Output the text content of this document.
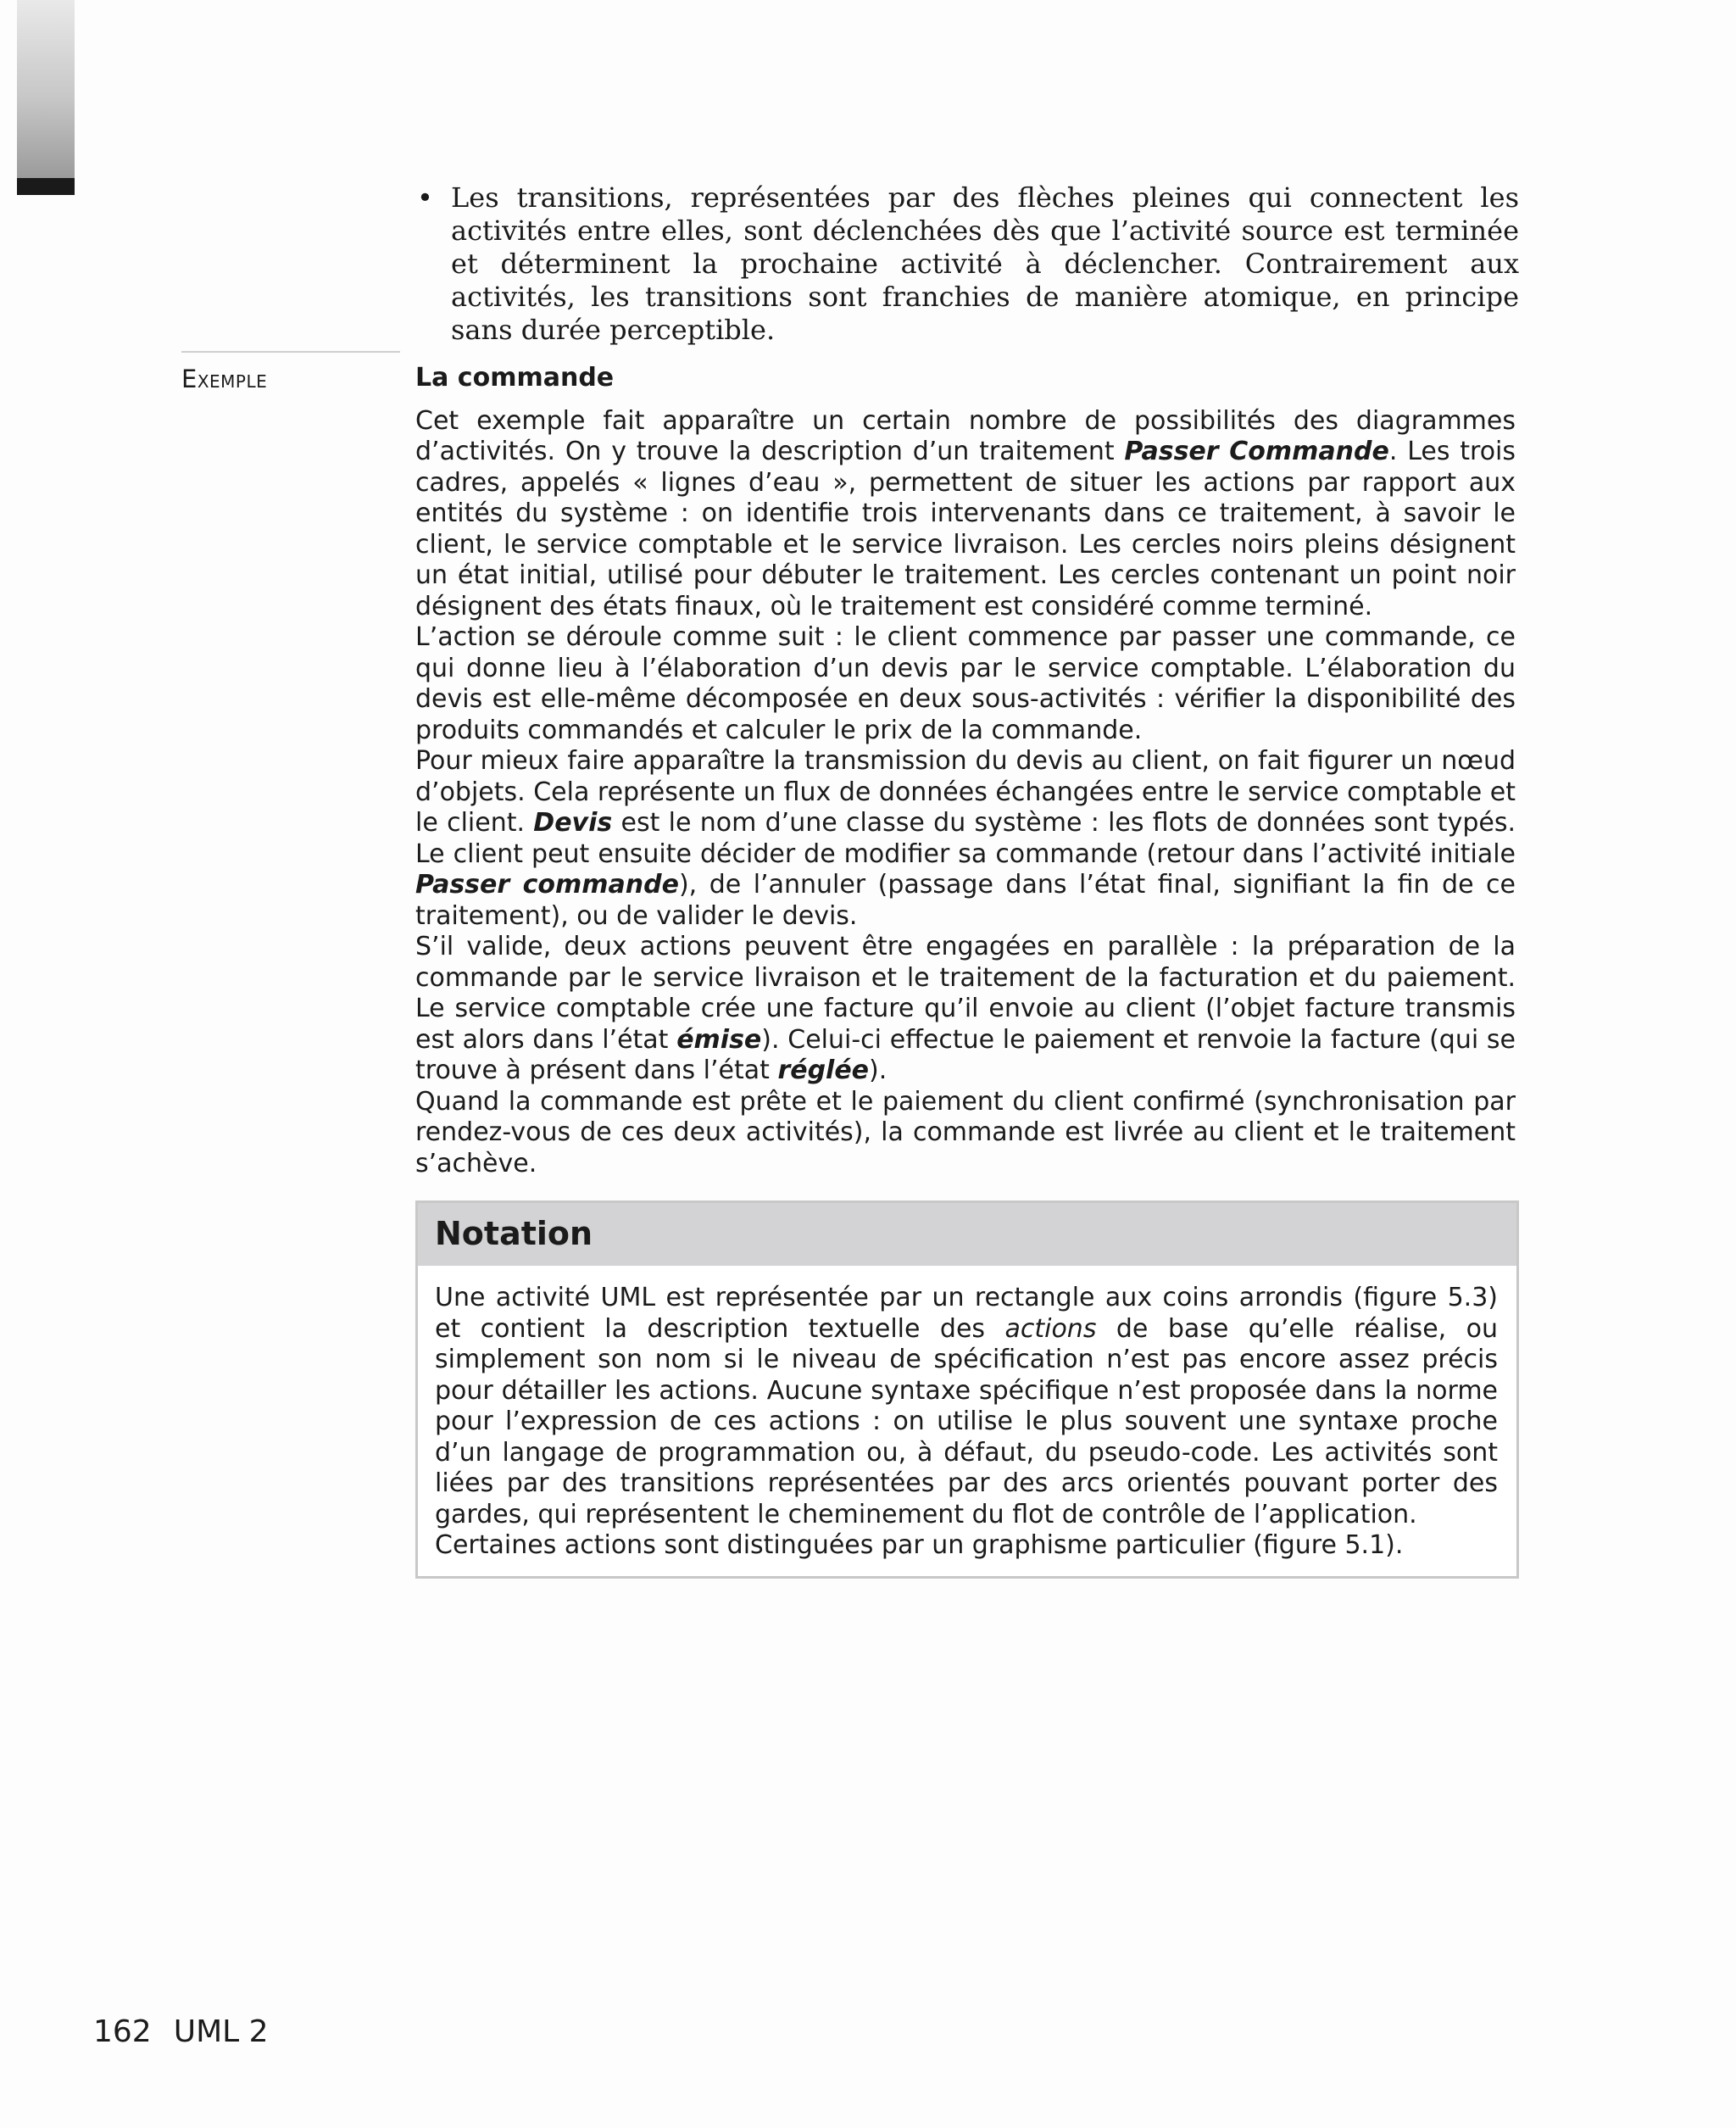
• Les transitions, représentées par des flèches pleines qui connectent les activités entre elles, sont déclenchées dès que l’activité source est terminée et déterminent la prochaine activité à déclencher. Contrairement aux activités, les transitions sont franchies de manière atomique, en principe sans durée perceptible.

Exemple	La commande

Cet exemple fait apparaître un certain nombre de possibilités des diagrammes d’activités. On y trouve la description d’un traitement Passer Commande. Les trois cadres, appelés « lignes d’eau », permettent de situer les actions par rapport aux entités du système : on identifie trois intervenants dans ce traitement, à savoir le client, le service comptable et le service livraison. Les cercles noirs pleins désignent un état initial, utilisé pour débuter le traitement. Les cercles contenant un point noir désignent des états finaux, où le traitement est considéré comme terminé.

L’action se déroule comme suit : le client commence par passer une commande, ce qui donne lieu à l’élaboration d’un devis par le service comptable. L’élaboration du devis est elle-même décomposée en deux sous-activités : vérifier la disponibilité des produits commandés et calculer le prix de la commande.

Pour mieux faire apparaître la transmission du devis au client, on fait figurer un nœud d’objets. Cela représente un flux de données échangées entre le service comptable et le client. Devis est le nom d’une classe du système : les flots de données sont typés. Le client peut ensuite décider de modifier sa commande (retour dans l’activité initiale Passer commande), de l’annuler (passage dans l’état final, signifiant la fin de ce traitement), ou de valider le devis.

S’il valide, deux actions peuvent être engagées en parallèle : la préparation de la commande par le service livraison et le traitement de la facturation et du paiement. Le service comptable crée une facture qu’il envoie au client (l’objet facture transmis est alors dans l’état émise). Celui-ci effectue le paiement et renvoie la facture (qui se trouve à présent dans l’état réglée).

Quand la commande est prête et le paiement du client confirmé (synchronisation par rendez-vous de ces deux activités), la commande est livrée au client et le traitement s’achève.

Notation

Une activité UML est représentée par un rectangle aux coins arrondis (figure 5.3) et contient la description textuelle des actions de base qu’elle réalise, ou simplement son nom si le niveau de spécification n’est pas encore assez précis pour détailler les actions. Aucune syntaxe spécifique n’est proposée dans la norme pour l’expression de ces actions : on utilise le plus souvent une syntaxe proche d’un langage de programmation ou, à défaut, du pseudo-code. Les activités sont liées par des transitions représentées par des arcs orientés pouvant porter des gardes, qui représentent le cheminement du flot de contrôle de l’application.

Certaines actions sont distinguées par un graphisme particulier (figure 5.1).

162 UML 2
